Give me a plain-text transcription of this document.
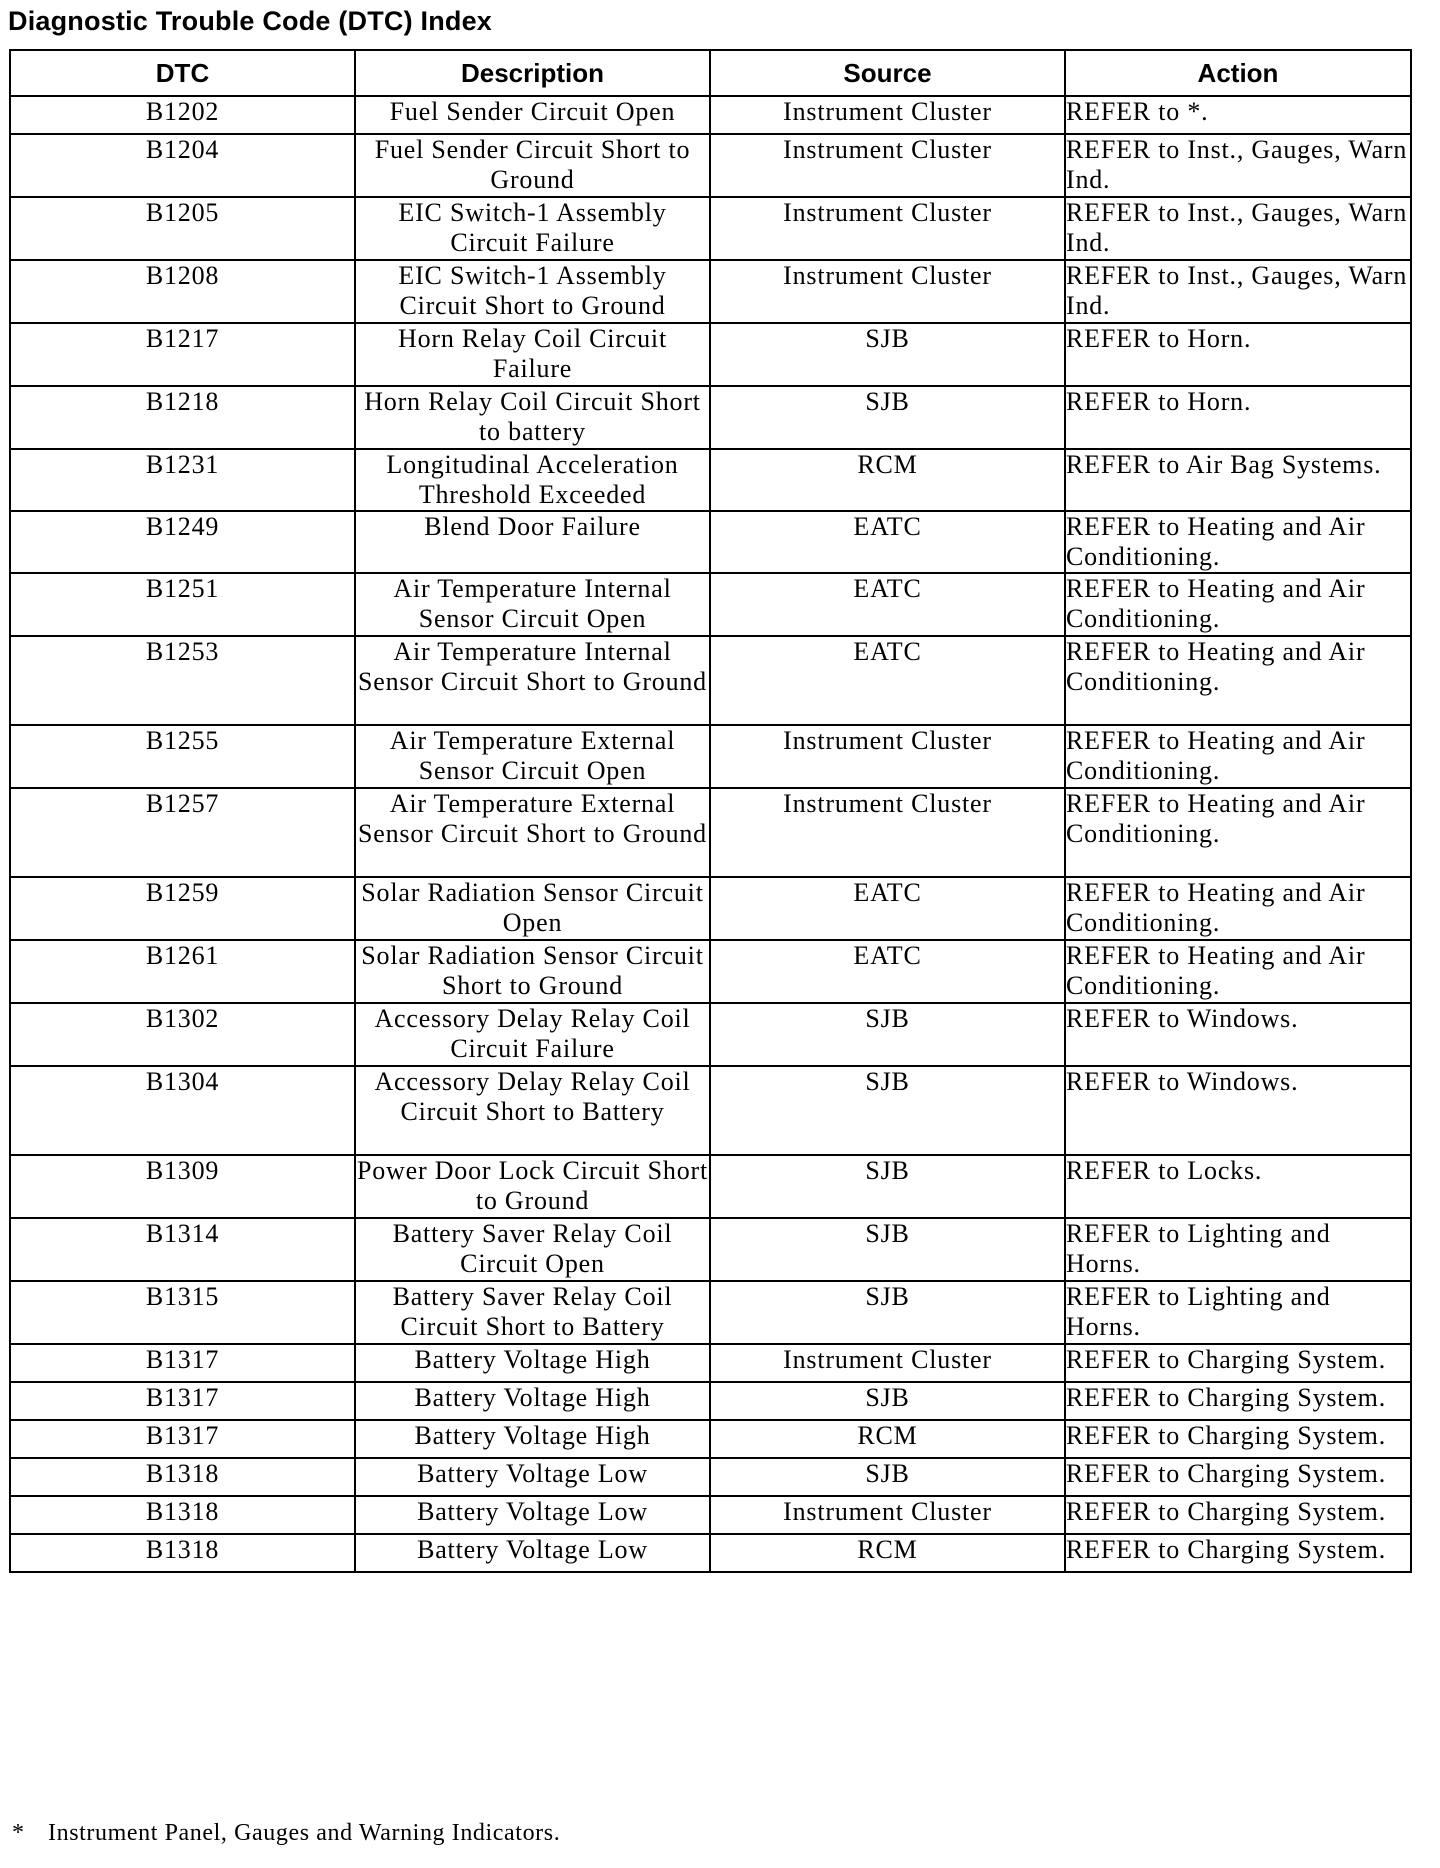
Diagnostic Trouble Code (DTC) Index
DTC	Description	Source	Action

B1202	Fuel Sender Circuit Open	Instrument Cluster	REFER to *.

B1204	Fuel Sender Circuit Short to Ground	Instrument Cluster	REFER to Inst., Gauges, Warn Ind.

B1205	EIC Switch-1 Assembly Circuit Failure	Instrument Cluster	REFER to Inst., Gauges, Warn Ind.

B1208	EIC Switch-1 Assembly Circuit Short to Ground	Instrument Cluster	REFER to Inst., Gauges, Warn Ind.

B1217	Horn Relay Coil Circuit Failure	SJB	REFER to Horn.

B1218	Horn Relay Coil Circuit Short to battery	SJB	REFER to Horn.

B1231	Longitudinal Acceleration Threshold Exceeded	RCM	REFER to Air Bag Systems.

B1249	Blend Door Failure	EATC	REFER to Heating and Air Conditioning.

B1251	Air Temperature Internal Sensor Circuit Open	EATC	REFER to Heating and Air Conditioning.

B1253	Air Temperature Internal Sensor Circuit Short to Ground	EATC	REFER to Heating and Air Conditioning.

B1255	Air Temperature External Sensor Circuit Open	Instrument Cluster	REFER to Heating and Air Conditioning.

B1257	Air Temperature External Sensor Circuit Short to Ground	Instrument Cluster	REFER to Heating and Air Conditioning.

B1259	Solar Radiation Sensor Circuit Open	EATC	REFER to Heating and Air Conditioning.

B1261	Solar Radiation Sensor Circuit Short to Ground	EATC	REFER to Heating and Air Conditioning.

B1302	Accessory Delay Relay Coil Circuit Failure	SJB	REFER to Windows.

B1304	Accessory Delay Relay Coil Circuit Short to Battery	SJB	REFER to Windows.

B1309	Power Door Lock Circuit Short to Ground	SJB	REFER to Locks.

B1314	Battery Saver Relay Coil Circuit Open	SJB	REFER to Lighting and Horns.

B1315	Battery Saver Relay Coil Circuit Short to Battery	SJB	REFER to Lighting and Horns.

B1317	Battery Voltage High	Instrument Cluster	REFER to Charging System.

B1317	Battery Voltage High	SJB	REFER to Charging System.

B1317	Battery Voltage High	RCM	REFER to Charging System.

B1318	Battery Voltage Low	SJB	REFER to Charging System.

B1318	Battery Voltage Low	Instrument Cluster	REFER to Charging System.

B1318	Battery Voltage Low	RCM	REFER to Charging System.
* Instrument Panel, Gauges and Warning Indicators.
